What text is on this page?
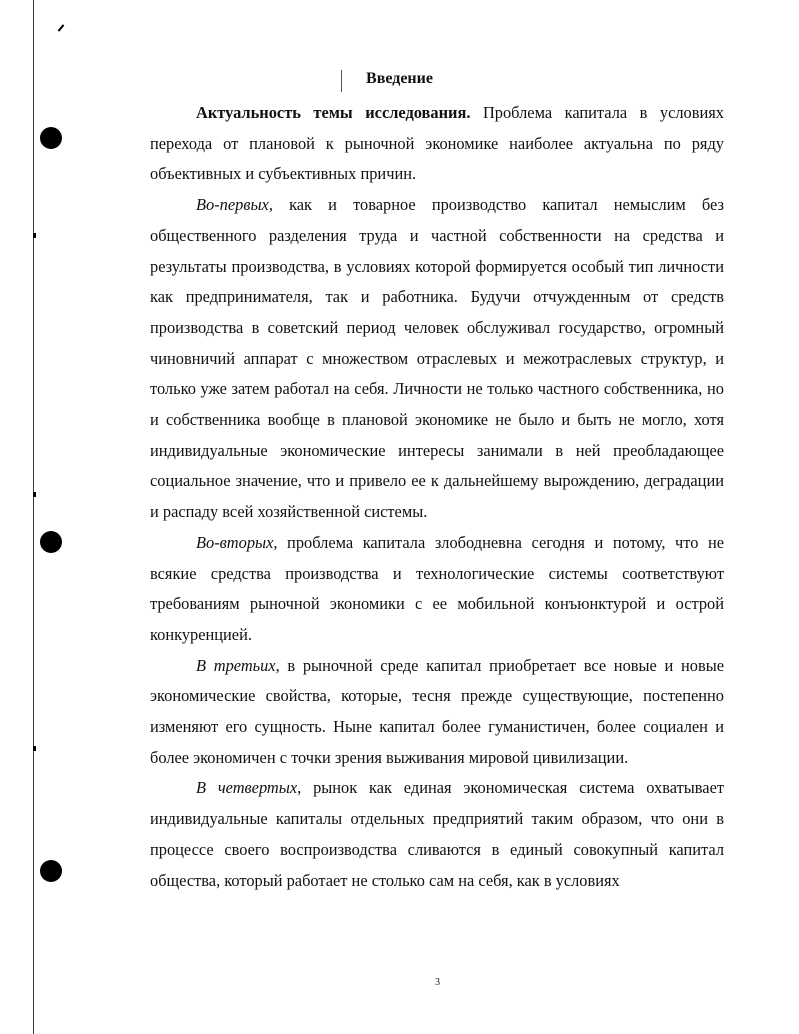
Введение

Актуальность темы исследования. Проблема капитала в условиях перехода от плановой к рыночной экономике наиболее актуальна по ряду объективных и субъективных причин.

Во-первых, как и товарное производство капитал немыслим без общественного разделения труда и частной собственности на средства и результаты производства, в условиях которой формируется особый тип личности как предпринимателя, так и работника. Будучи отчужденным от средств производства в советский период человек обслуживал государство, огромный чиновничий аппарат с множеством отраслевых и межотраслевых структур, и только уже затем работал на себя. Личности не только частного собственника, но и собственника вообще в плановой экономике не было и быть не могло, хотя индивидуальные экономические интересы занимали в ней преобладающее социальное значение, что и привело ее к дальнейшему вырождению, деградации и распаду всей хозяйственной системы.

Во-вторых, проблема капитала злободневна сегодня и потому, что не всякие средства производства и технологические системы соответствуют требованиям рыночной экономики с ее мобильной конъюнктурой и острой конкуренцией.

В третьих, в рыночной среде капитал приобретает все новые и новые экономические свойства, которые, тесня прежде существующие, постепенно изменяют его сущность. Ныне капитал более гуманистичен, более социален и более экономичен с точки зрения выживания мировой цивилизации.

В четвертых, рынок как единая экономическая система охватывает индивидуальные капиталы отдельных предприятий таким образом, что они в процессе своего воспроизводства сливаются в единый совокупный капитал общества, который работает не столько сам на себя, как в условиях

3
